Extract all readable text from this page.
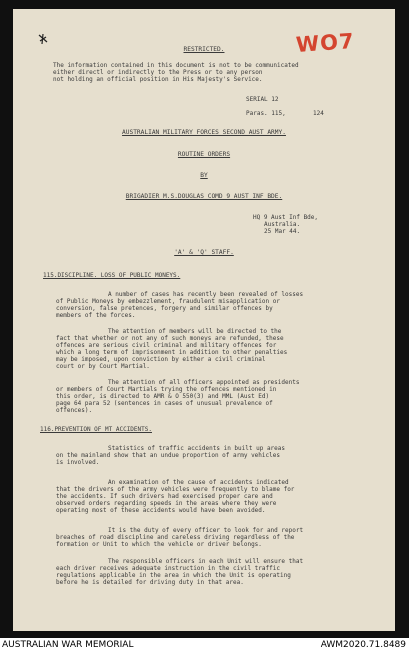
WO7
RESTRICTED.
The information contained in this document is not to be communicated
either directl or indirectly to the Press or to any person
not holding an official position in His Majesty's Service.
SERIAL 12
Paras. 115,	124
AUSTRALIAN MILITARY FORCES SECOND AUST ARMY.
ROUTINE ORDERS
BY
BRIGADIER M.S.DOUGLAS COMD 9 AUST INF BDE.
HQ 9 Aust Inf Bde,
Australia.
25 Mar 44.
'A' & 'Q' STAFF.
115.DISCIPLINE. LOSS OF PUBLIC MONEYS.
A number of cases has recently been revealed of losses
of Public Moneys by embezzlement, fraudulent misapplication or
conversion, false pretences, forgery and similar offences by
members of the forces.
The attention of members will be directed to the
fact that whether or not any of such moneys are refunded, these
offences are serious civil criminal and military offences for
which a long term of imprisonment in addition to other penalties
may be imposed, upon conviction by either a civil criminal
court or by Court Martial.
The attention of all officers appointed as presidents
or members of Court Martials trying the offences mentioned in
this order, is directed to AMR & O 550(3) and MML (Aust Ed)
page 64 para 52 (sentences in cases of unusual prevalence of
offences).
116.PREVENTION OF MT ACCIDENTS.
Statistics of traffic accidents in built up areas
on the mainland show that an undue proportion of army vehicles
is involved.
An examination of the cause of accidents indicated
that the drivers of the army vehicles were frequently to blame for
the accidents. If such drivers had exercised proper care and
observed orders regarding speeds in the areas where they were
operating most of these accidents would have been avoided.
It is the duty of every officer to look for and report
breaches of road discipline and careless driving regardless of the
formation or Unit to which the vehicle or driver belongs.
The responsible officers in each Unit will ensure that
each driver receives adequate instruction in the civil traffic
regulations applicable in the area in which the Unit is operating
before he is detailed for driving duty in that area.
AUSTRALIAN WAR MEMORIAL	AWM2020.71.8489
